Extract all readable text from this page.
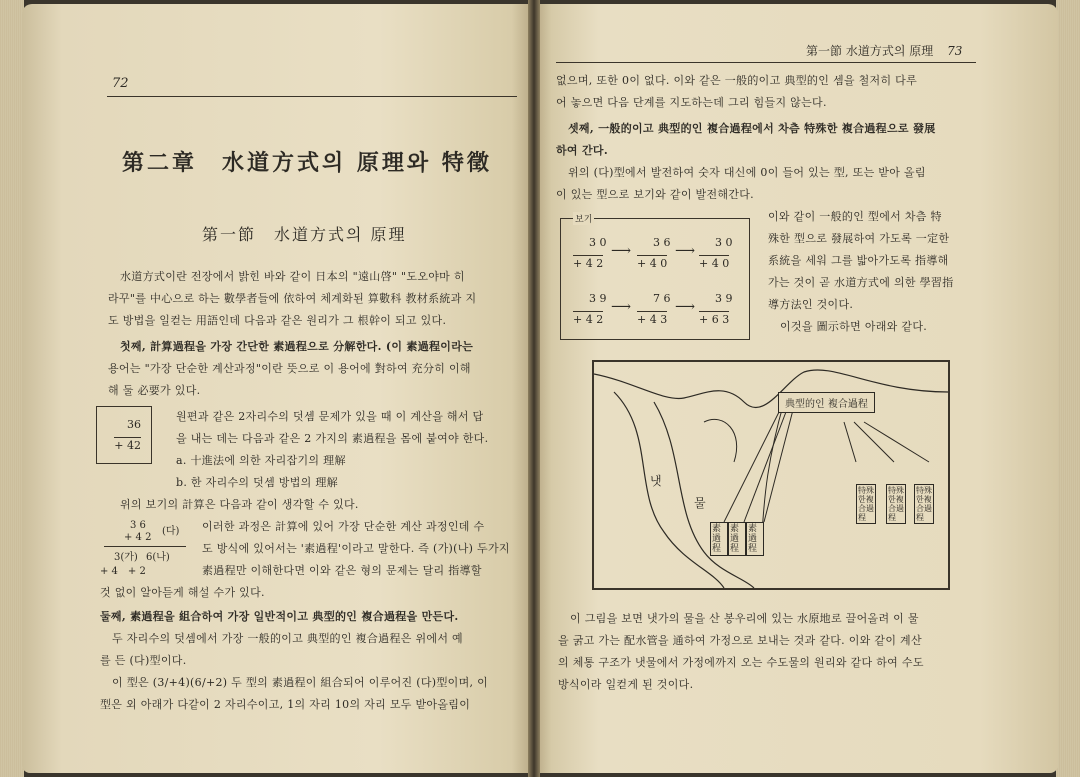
72
第二章　水道方式의 原理와 特徵
第一節　水道方式의 原理
水道方式이란 전장에서 밝힌 바와 같이 日本의 "遠山啓" "도오야마 히
라꾸"를 中心으로 하는 數學者들에 依하여 체계화된 算數科 教材系統과 지
도 방법을 일컫는 用語인데 다음과 같은 원리가 그 根幹이 되고 있다.
첫째, 計算過程을 가장 간단한 素過程으로 分解한다. (이 素過程이라는
용어는 "가장 단순한 계산과정"이란 뜻으로 이 용어에 對하여 充分히 이해
해 둘 必要가 있다.
36
+ 42
원편과 같은 2자리수의 덧셈 문제가 있을 때 이 계산을 해서 답
을 내는 데는 다음과 같은 2 가지의 素過程을 몸에 붙여야 한다.
a. 十進法에 의한 자리잡기의 理解
b. 한 자리수의 덧셈 방법의 理解
위의 보기의 計算은 다음과 같이 생각할 수 있다.
3 6
+ 4 2
(다)
3(가) 6(나)
+ 4　+ 2
이러한 과정은 計算에 있어 가장 단순한 계산 과정인데 수
도 방식에 있어서는 '素過程'이라고 말한다. 즉 (가)(나) 두가지
素過程만 이해한다면 이와 같은 형의 문제는 달리 指導할
것 없이 알아듣게 해설 수가 있다.
둘째, 素過程을 組合하여 가장 일반적이고 典型的인 複合過程을 만든다.
두 자리수의 덧셈에서 가장 一般的이고 典型的인 複合過程은 위에서 예
를 든 (다)型이다.
이 型은 (3/+4)(6/+2) 두 型의 素過程이 組合되어 이루어진 (다)型이며, 이
型은 외 아래가 다같이 2 자리수이고, 1의 자리 10의 자리 모두 받아올림이
第一節 水道方式의 原理 73
없으며, 또한 0이 없다. 이와 같은 一般的이고 典型的인 셈을 철저히 다루
어 놓으면 다음 단계를 지도하는데 그리 힘들지 않는다.
셋째, 一般的이고 典型的인 複合過程에서 차츰 特殊한 複合過程으로 發展
하여 간다.
위의 (다)型에서 발전하여 숫자 대신에 0이 들어 있는 型, 또는 받아 올림
이 있는 型으로 보기와 같이 발전해간다.
보기
3 0
+ 4 2
⟶
3 6
+ 4 0
⟶
3 0
+ 4 0
3 9
+ 4 2
⟶
7 6
+ 4 3
⟶
3 9
+ 6 3
이와 같이 一般的인 型에서 차츰 特
殊한 型으로 發展하여 가도록 一定한
系統을 세워 그를 밟아가도록 指導해
가는 것이 곧 水道方式에 의한 學習指
導方法인 것이다.
이것을 圖示하면 아래와 같다.
典型的인 複合過程
냇
물
素過程
素過程
素過程
特殊한複合過程
特殊한複合過程
特殊한複合過程
이 그림을 보면 냇가의 물을 산 봉우리에 있는 水原地로 끌어올려 이 물
을 굵고 가는 配水管을 通하여 가정으로 보내는 것과 같다. 이와 같이 계산
의 체통 구조가 냇물에서 가정에까지 오는 수도물의 원리와 같다 하여 수도
방식이라 일컫게 된 것이다.
